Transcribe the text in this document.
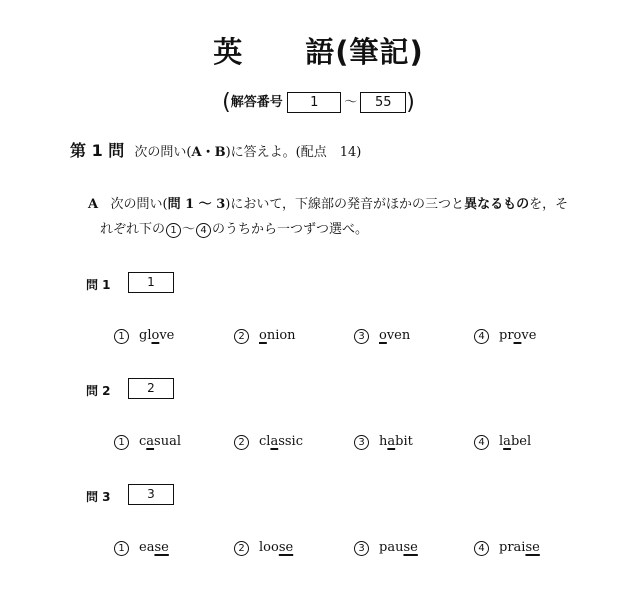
英 語(筆記)
(解答番号 1 〜 55 )
第 1 問 次の問い(A・B)に答えよ。(配点　14)
A 次の問い(問 1 〜 3)において，下線部の発音がほかの三つと異なるものを，そ
れぞれ下の 1 〜 4 のうちから一つずつ選べ。
問 1	1
1 glove	2 onion	3 oven	4 prove
問 2	2
1 casual	2 classic	3 habit	4 label
問 3	3
1 ease	2 loose	3 pause	4 praise
